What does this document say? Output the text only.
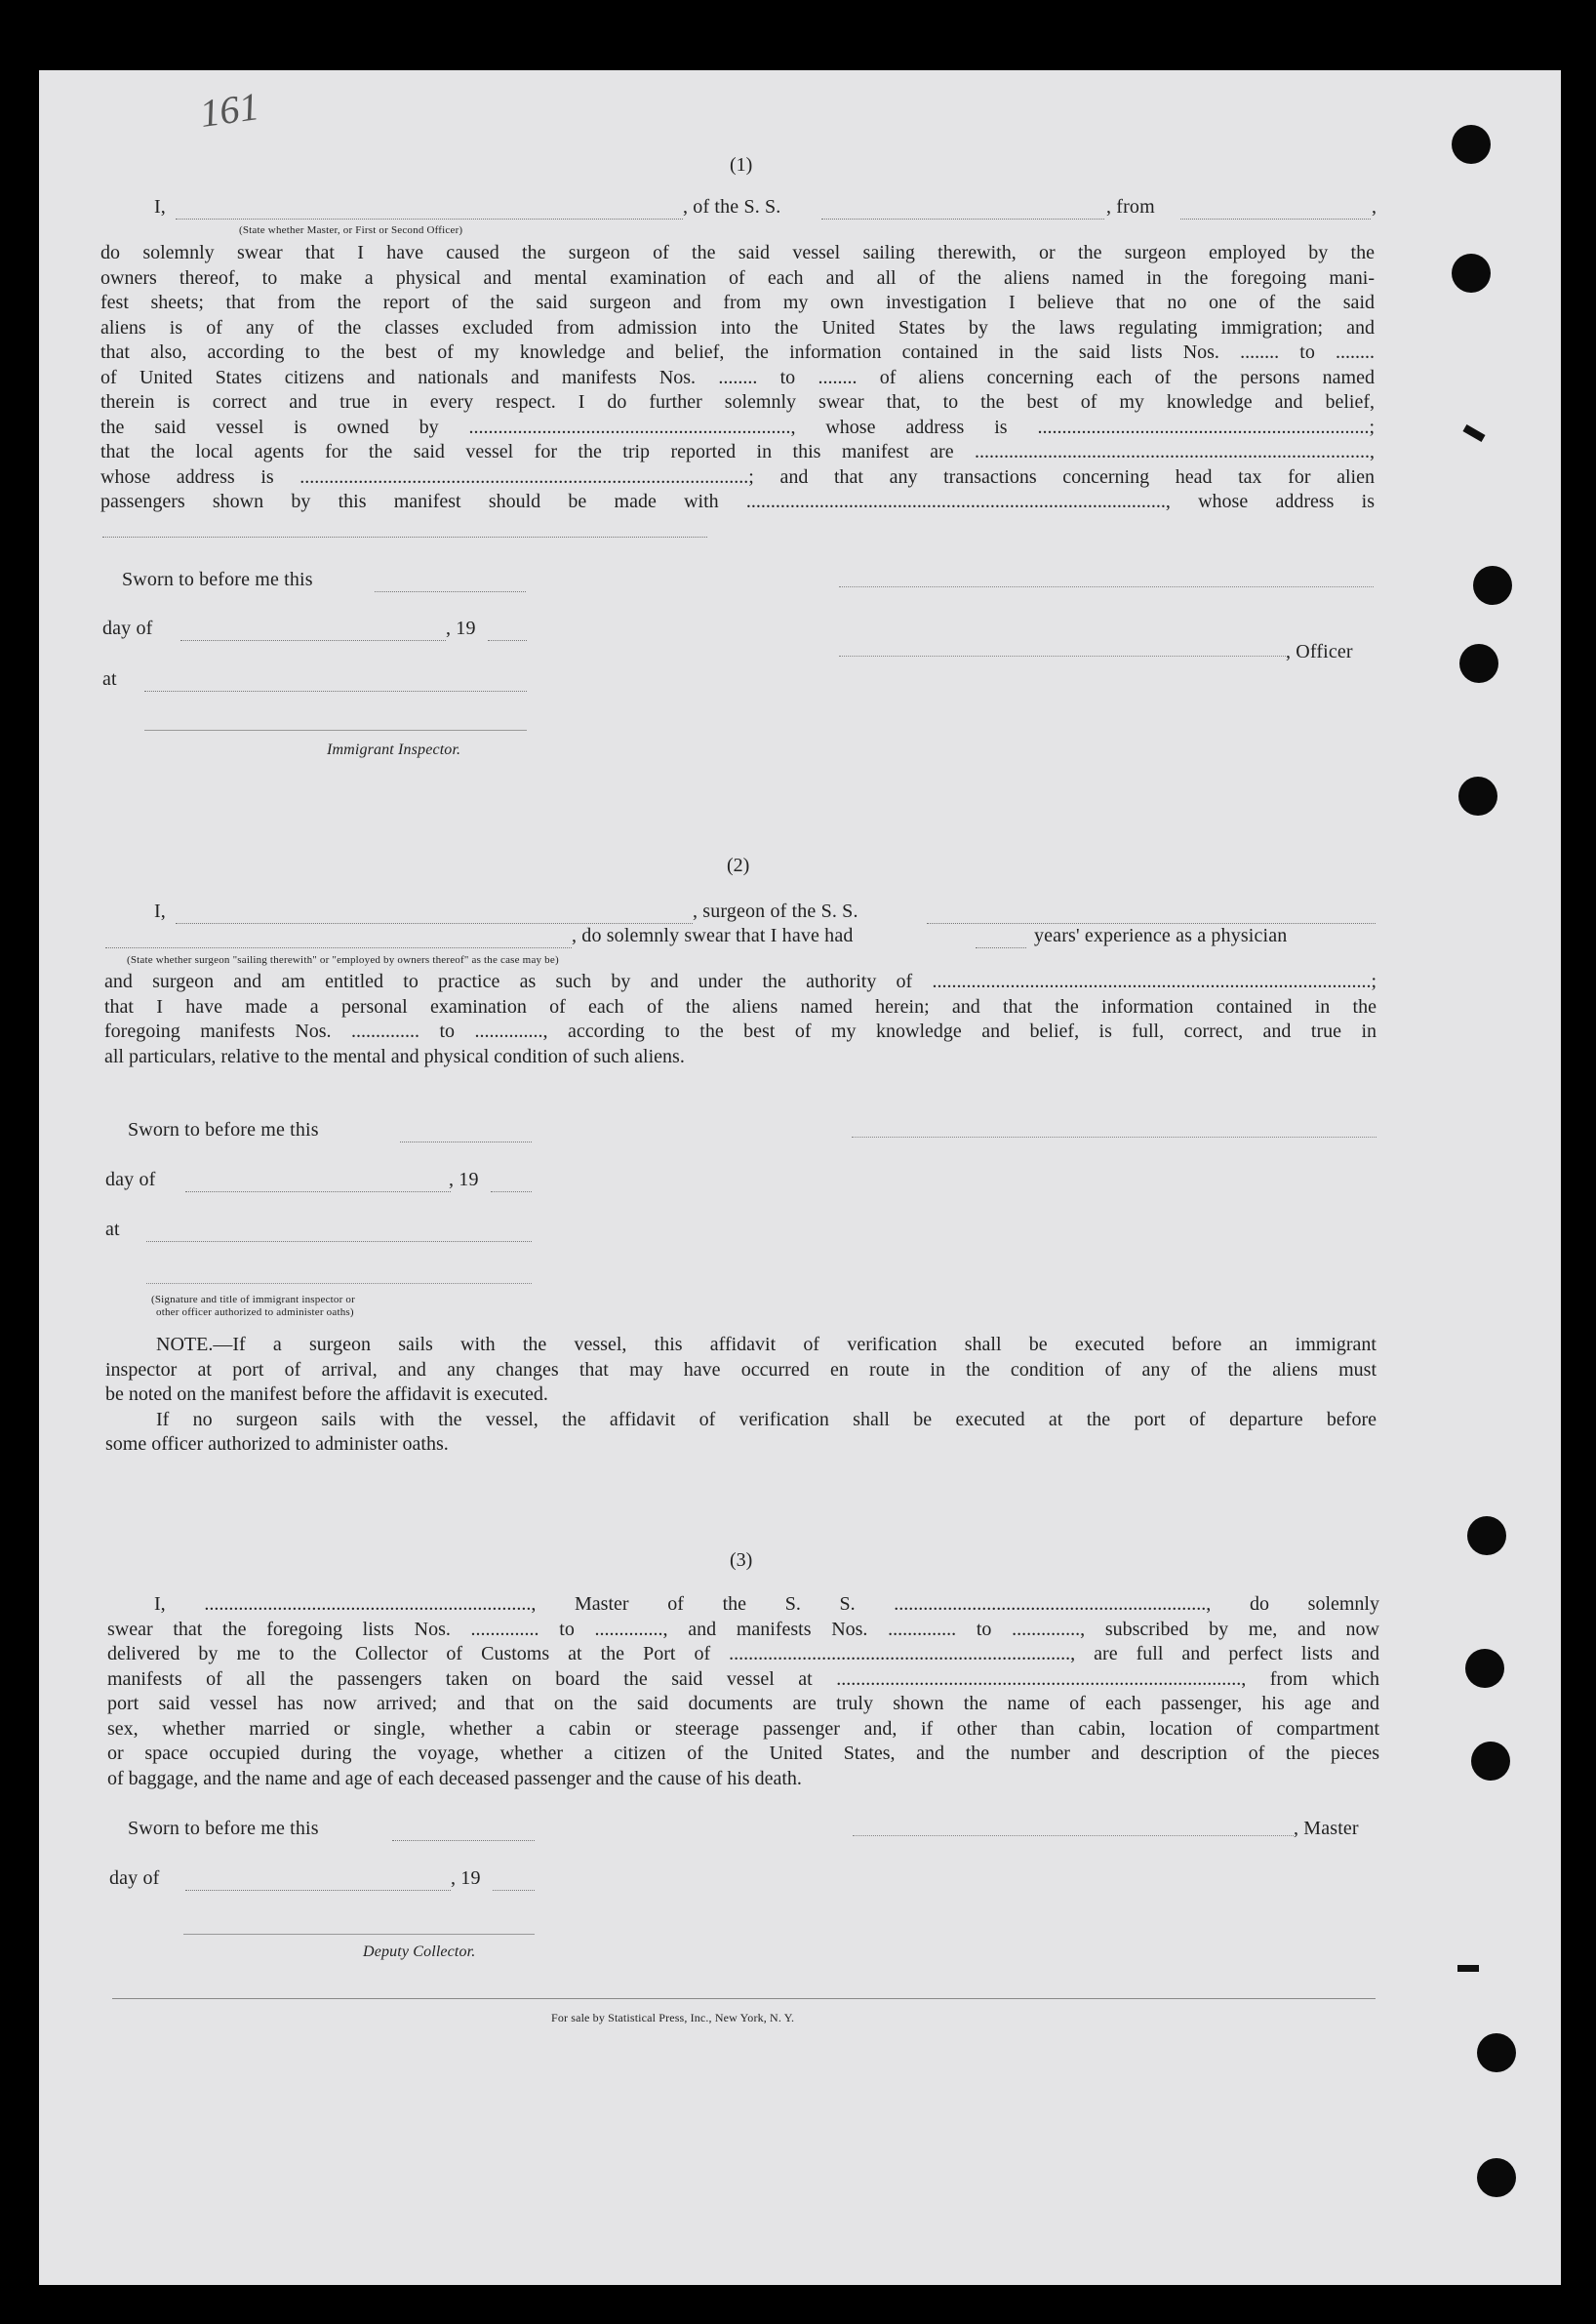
161
(1)
I,	, of the S. S.	, from	,
(State whether Master, or First or Second Officer)
do solemnly swear that I have caused the surgeon of the said vessel sailing therewith, or the surgeon employed by the
owners thereof, to make a physical and mental examination of each and all of the aliens named in the foregoing mani-
fest sheets; that from the report of the said surgeon and from my own investigation I believe that no one of the said
aliens is of any of the classes excluded from admission into the United States by the laws regulating immigration; and
that also, according to the best of my knowledge and belief, the information contained in the said lists Nos. ........ to ........
of United States citizens and nationals and manifests Nos. ........ to ........ of aliens concerning each of the persons named
therein is correct and true in every respect. I do further solemnly swear that, to the best of my knowledge and belief,
the said vessel is owned by .................................................................., whose address is ....................................................................;
that the local agents for the said vessel for the trip reported in this manifest are .................................................................................,
whose address is ............................................................................................; and that any transactions concerning head tax for alien
passengers shown by this manifest should be made with ......................................................................................, whose address is
Sworn to before me this
day of	, 19
, Officer
at
Immigrant Inspector.
(2)
I,	, surgeon of the S. S.
, do solemnly swear that I have had	years' experience as a physician
(State whether surgeon "sailing therewith" or "employed by owners thereof" as the case may be)
and surgeon and am entitled to practice as such by and under the authority of ..........................................................................................;
that I have made a personal examination of each of the aliens named herein; and that the information contained in the
foregoing manifests Nos. .............. to .............., according to the best of my knowledge and belief, is full, correct, and true in
all particulars, relative to the mental and physical condition of such aliens.
Sworn to before me this
day of	, 19
at
(Signature and title of immigrant inspector or
other officer authorized to administer oaths)
NOTE.—If a surgeon sails with the vessel, this affidavit of verification shall be executed before an immigrant
inspector at port of arrival, and any changes that may have occurred en route in the condition of any of the aliens must
be noted on the manifest before the affidavit is executed.
If no surgeon sails with the vessel, the affidavit of verification shall be executed at the port of departure before
some officer authorized to administer oaths.
(3)
I, ..................................................................., Master of the S. S. ................................................................, do solemnly
swear that the foregoing lists Nos. .............. to .............., and manifests Nos. .............. to .............., subscribed by me, and now
delivered by me to the Collector of Customs at the Port of ......................................................................, are full and perfect lists and
manifests of all the passengers taken on board the said vessel at ..................................................................................., from which
port said vessel has now arrived; and that on the said documents are truly shown the name of each passenger, his age and
sex, whether married or single, whether a cabin or steerage passenger and, if other than cabin, location of compartment
or space occupied during the voyage, whether a citizen of the United States, and the number and description of the pieces
of baggage, and the name and age of each deceased passenger and the cause of his death.
Sworn to before me this	, Master
day of	, 19
Deputy Collector.
For sale by Statistical Press, Inc., New York, N. Y.
